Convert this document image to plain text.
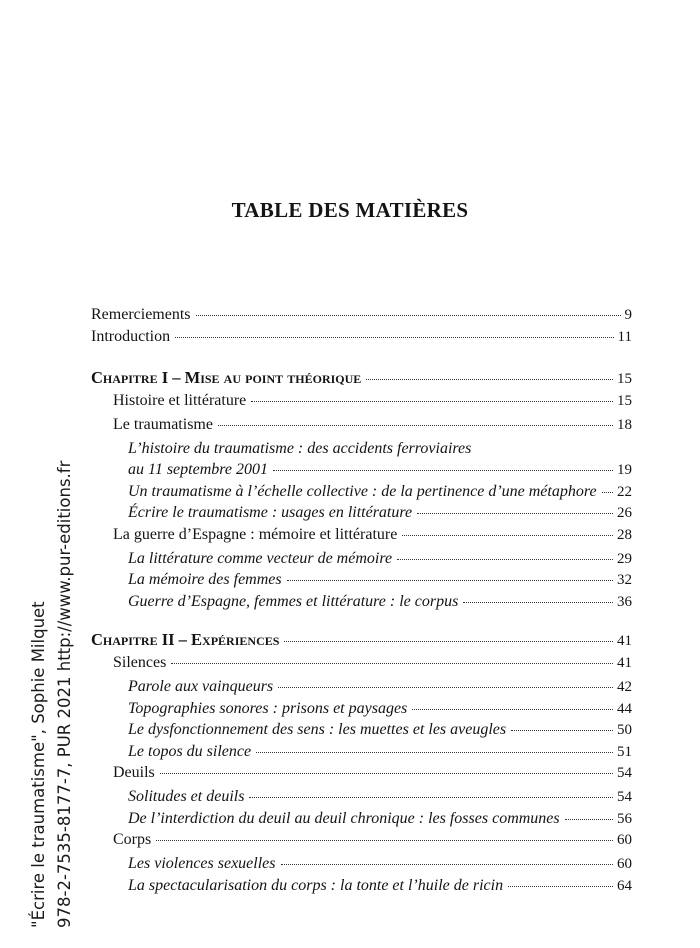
"Écrire le traumatisme", Sophie Milquet 978-2-7535-8177-7, PUR 2021 http://www.pur-editions.fr
TABLE DES MATIÈRES
Remerciements	9
Introduction	11
Chapitre I – Mise au point théorique	15
Histoire et littérature	15
Le traumatisme	18
L’histoire du traumatisme : des accidents ferroviaires
au 11 septembre 2001	19
Un traumatisme à l’échelle collective : de la pertinence d’une métaphore 22
Écrire le traumatisme : usages en littérature	26
La guerre d’Espagne : mémoire et littérature	28
La littérature comme vecteur de mémoire	29
La mémoire des femmes	32
Guerre d’Espagne, femmes et littérature : le corpus	36
Chapitre II – Expériences	41
Silences	41
Parole aux vainqueurs	42
Topographies sonores : prisons et paysages	44
Le dysfonctionnement des sens : les muettes et les aveugles	50
Le topos du silence	51
Deuils	54
Solitudes et deuils	54
De l’interdiction du deuil au deuil chronique : les fosses communes	56
Corps	60
Les violences sexuelles	60
La spectacularisation du corps : la tonte et l’huile de ricin	64
